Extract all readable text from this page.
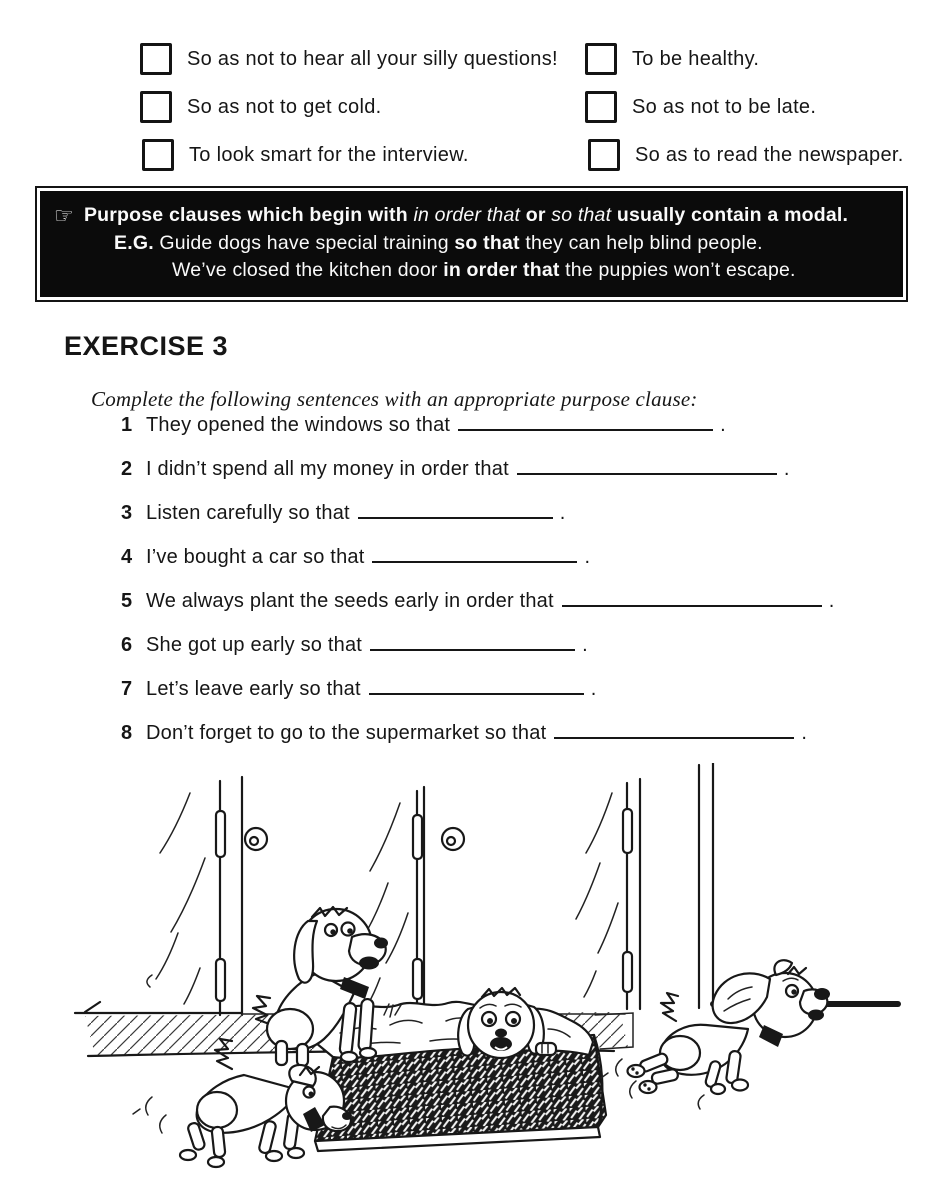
So as not to hear all your silly questions!	To be healthy.
So as not to get cold.	So as not to be late.
To look smart for the interview.	So as to read the newspaper.
☞ Purpose clauses which begin with in order that or so that usually contain a modal.
E.G. Guide dogs have special training so that they can help blind people.
We’ve closed the kitchen door in order that the puppies won’t escape.
EXERCISE 3

Complete the following sentences with an appropriate purpose clause:

1 They opened the windows so that	.
2 I didn’t spend all my money in order that	.
3 Listen carefully so that	.
4 I’ve bought a car so that	.
5 We always plant the seeds early in order that	.
6 She got up early so that	.
7 Let’s leave early so that	.
8 Don’t forget to go to the supermarket so that	.
